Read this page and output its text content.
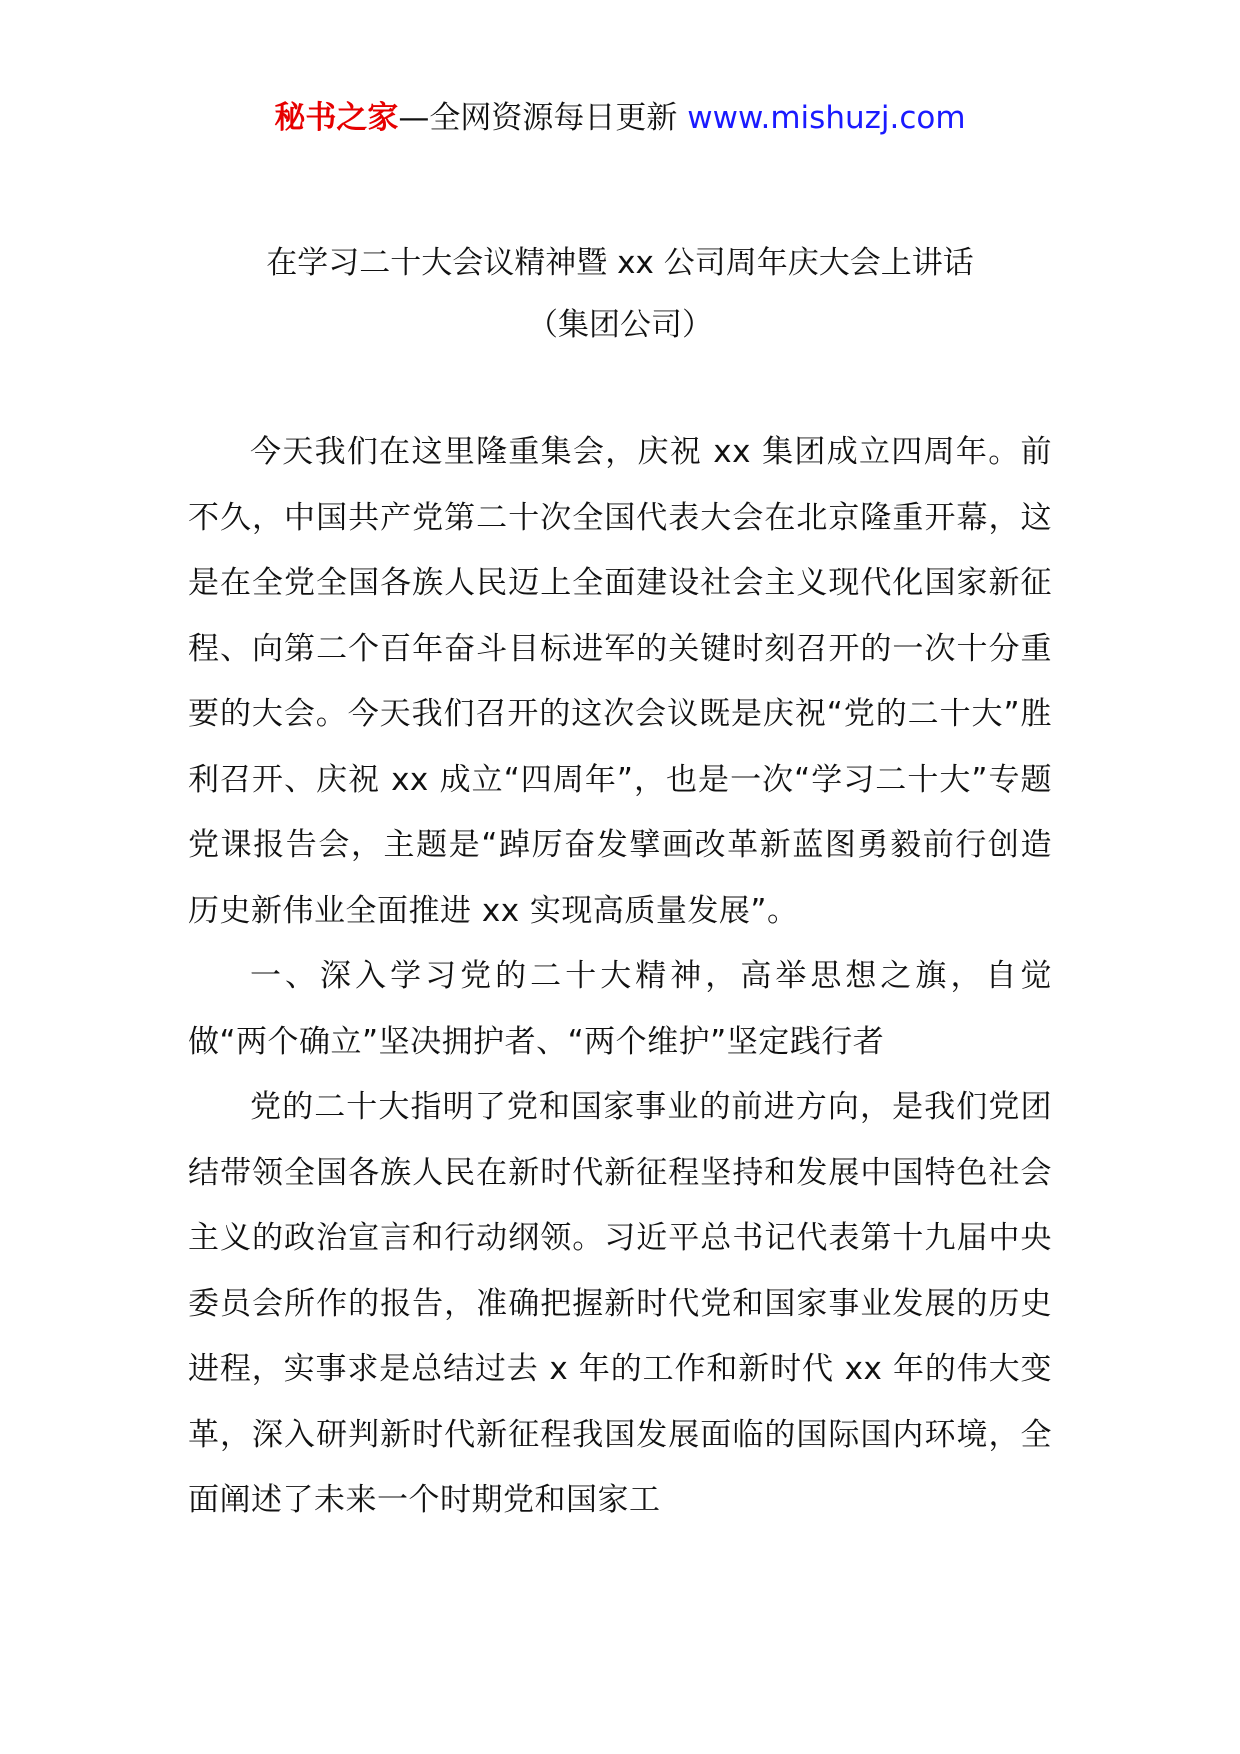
秘书之家—全网资源每日更新 www.mishuzj.com
在学习二十大会议精神暨 xx 公司周年庆大会上讲话
（集团公司）

今天我们在这里隆重集会，庆祝 xx 集团成立四周年。前不久，中国共产党第二十次全国代表大会在北京隆重开幕，这是在全党全国各族人民迈上全面建设社会主义现代化国家新征程、向第二个百年奋斗目标进军的关键时刻召开的一次十分重要的大会。今天我们召开的这次会议既是庆祝“党的二十大”胜利召开、庆祝 xx 成立“四周年”，也是一次“学习二十大”专题党课报告会，主题是“踔厉奋发擘画改革新蓝图勇毅前行创造历史新伟业全面推进 xx 实现高质量发展”。

一、深入学习党的二十大精神，高举思想之旗，自觉做“两个确立”坚决拥护者、“两个维护”坚定践行者

党的二十大指明了党和国家事业的前进方向，是我们党团结带领全国各族人民在新时代新征程坚持和发展中国特色社会主义的政治宣言和行动纲领。习近平总书记代表第十九届中央委员会所作的报告，准确把握新时代党和国家事业发展的历史进程，实事求是总结过去 x 年的工作和新时代 xx 年的伟大变革，深入研判新时代新征程我国发展面临的国际国内环境，全面阐述了未来一个时期党和国家工
